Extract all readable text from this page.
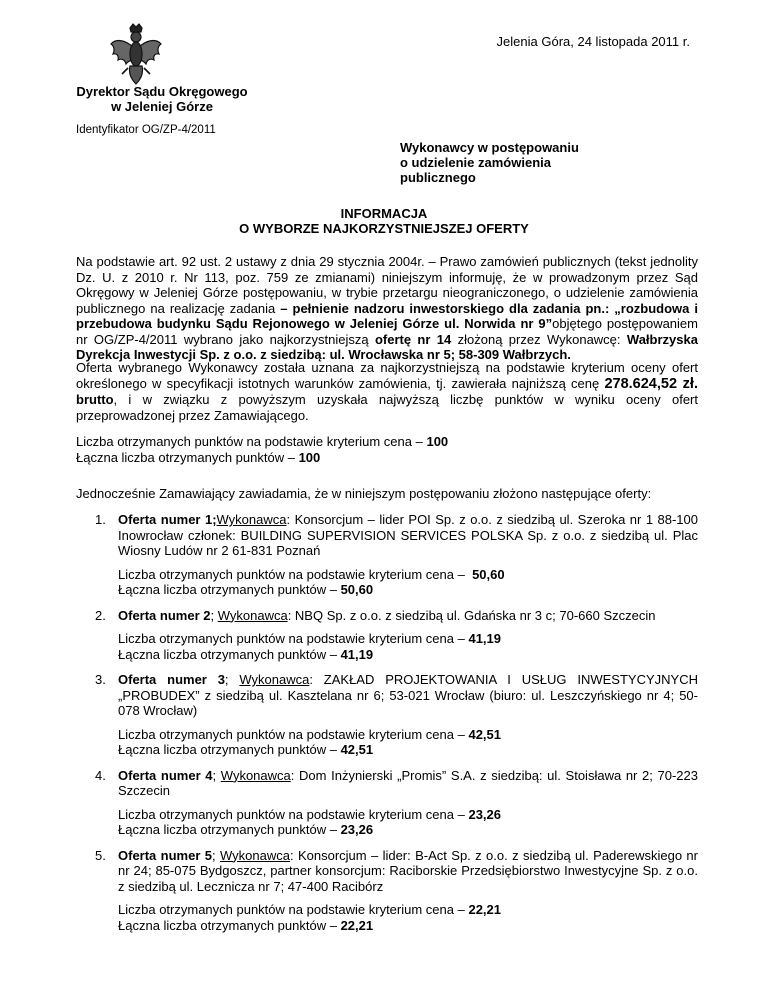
Jelenia Góra, 24 listopada 2011 r.
Dyrektor Sądu Okręgowego
w Jeleniej Górze
Identyfikator OG/ZP-4/2011
Wykonawcy w postępowaniu
o udzielenie zamówienia
publicznego
INFORMACJA
O WYBORZE NAJKORZYSTNIEJSZEJ OFERTY
Na podstawie art. 92 ust. 2 ustawy z dnia 29 stycznia 2004r. – Prawo zamówień publicznych (tekst jednolity Dz. U. z 2010 r. Nr 113, poz. 759 ze zmianami) niniejszym informuję, że w prowadzonym przez Sąd Okręgowy w Jeleniej Górze postępowaniu, w trybie przetargu nieograniczonego, o udzielenie zamówienia publicznego na realizację zadania – pełnienie nadzoru inwestorskiego dla zadania pn.: „rozbudowa i przebudowa budynku Sądu Rejonowego w Jeleniej Górze ul. Norwida nr 9”objętego postępowaniem nr OG/ZP-4/2011 wybrano jako najkorzystniejszą ofertę nr 14 złożoną przez Wykonawcę: Wałbrzyska Dyrekcja Inwestycji Sp. z o.o. z siedzibą: ul. Wrocławska nr 5; 58-309 Wałbrzych.
Oferta wybranego Wykonawcy została uznana za najkorzystniejszą na podstawie kryterium oceny ofert określonego w specyfikacji istotnych warunków zamówienia, tj. zawierała najniższą cenę 278.624,52 zł. brutto, i w związku z powyższym uzyskała najwyższą liczbę punktów w wyniku oceny ofert przeprowadzonej przez Zamawiającego.
Liczba otrzymanych punktów na podstawie kryterium cena – 100
Łączna liczba otrzymanych punktów – 100
Jednocześnie Zamawiający zawiadamia, że w niniejszym postępowaniu złożono następujące oferty:
1. Oferta numer 1;Wykonawca: Konsorcjum – lider POI Sp. z o.o. z siedzibą ul. Szeroka nr 1 88-100 Inowrocław członek: BUILDING SUPERVISION SERVICES POLSKA Sp. z o.o. z siedzibą ul. Plac Wiosny Ludów nr 2 61-831 Poznań
Liczba otrzymanych punktów na podstawie kryterium cena – 50,60
Łączna liczba otrzymanych punktów – 50,60
2. Oferta numer 2; Wykonawca: NBQ Sp. z o.o. z siedzibą ul. Gdańska nr 3 c; 70-660 Szczecin
Liczba otrzymanych punktów na podstawie kryterium cena – 41,19
Łączna liczba otrzymanych punktów – 41,19
3. Oferta numer 3; Wykonawca: ZAKŁAD PROJEKTOWANIA I USŁUG INWESTYCYJNYCH „PROBUDEX” z siedzibą ul. Kasztelana nr 6; 53-021 Wrocław (biuro: ul. Leszczyńskiego nr 4; 50-078 Wrocław)
Liczba otrzymanych punktów na podstawie kryterium cena – 42,51
Łączna liczba otrzymanych punktów – 42,51
4. Oferta numer 4; Wykonawca: Dom Inżynierski „Promis” S.A. z siedzibą: ul. Stoisława nr 2; 70-223 Szczecin
Liczba otrzymanych punktów na podstawie kryterium cena – 23,26
Łączna liczba otrzymanych punktów – 23,26
5. Oferta numer 5; Wykonawca: Konsorcjum – lider: B-Act Sp. z o.o. z siedzibą ul. Paderewskiego nr nr 24; 85-075 Bydgoszcz, partner konsorcjum: Raciborskie Przedsiębiorstwo Inwestycyjne Sp. z o.o. z siedzibą ul. Lecznicza nr 7; 47-400 Racibórz
Liczba otrzymanych punktów na podstawie kryterium cena – 22,21
Łączna liczba otrzymanych punktów – 22,21
